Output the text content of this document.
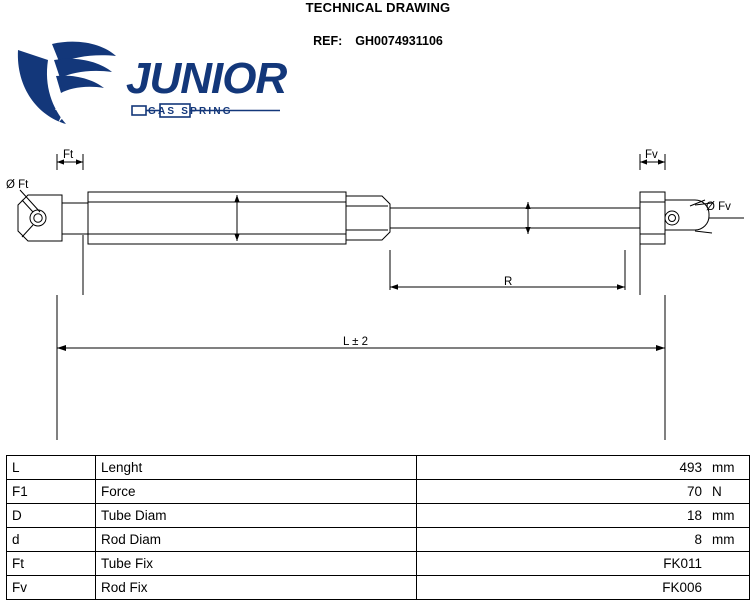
TECHNICAL DRAWING
REF: GH0074931106
JUNIOR
GAS SPRING
Ft	Fv
Ø Ft
Ø Fv
R
L ± 2
L	Lenght	493	mm
F1	Force	70	N
D	Tube Diam	18	mm
d	Rod Diam	8	mm
Ft	Tube Fix	FK011	
Fv	Rod Fix	FK006	
